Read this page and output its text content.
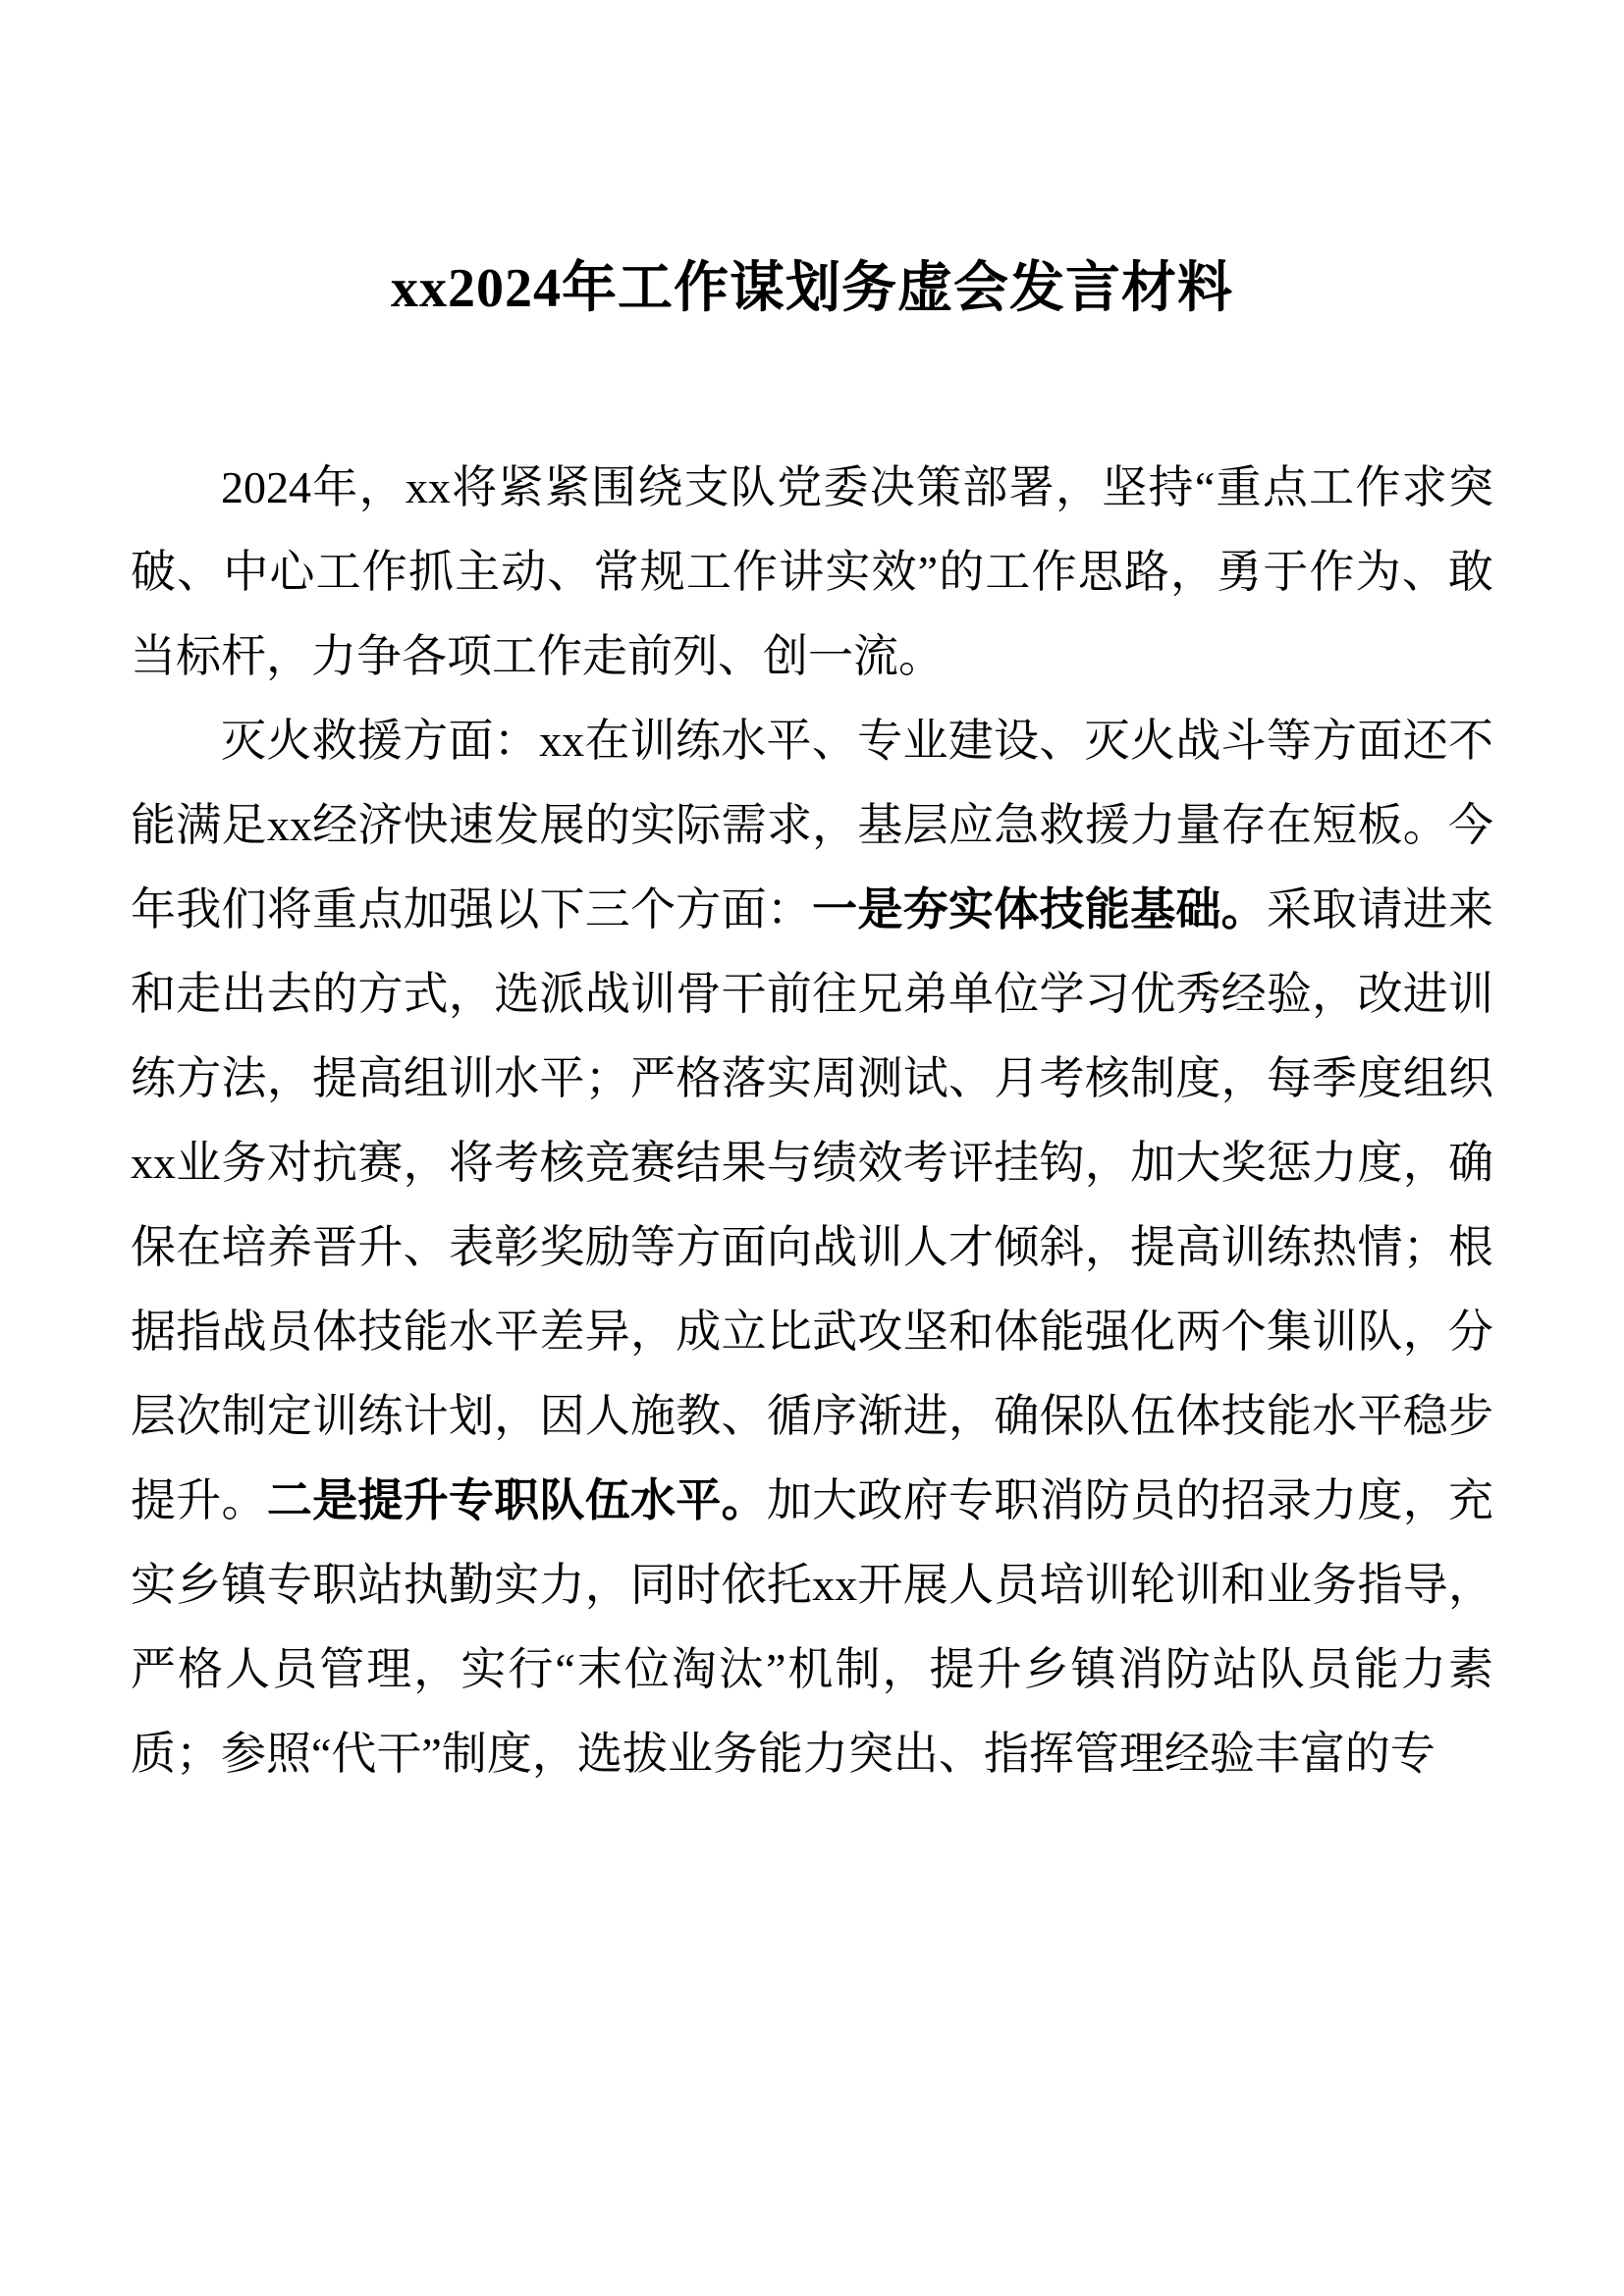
xx2024年工作谋划务虚会发言材料

2024年，xx将紧紧围绕支队党委决策部署，坚持“重点工作求突破、中心工作抓主动、常规工作讲实效”的工作思路，勇于作为、敢当标杆，力争各项工作走前列、创一流。

灭火救援方面：xx在训练水平、专业建设、灭火战斗等方面还不能满足xx经济快速发展的实际需求，基层应急救援力量存在短板。今年我们将重点加强以下三个方面：一是夯实体技能基础。采取请进来和走出去的方式，选派战训骨干前往兄弟单位学习优秀经验，改进训练方法，提高组训水平；严格落实周测试、月考核制度，每季度组织xx业务对抗赛，将考核竞赛结果与绩效考评挂钩，加大奖惩力度，确保在培养晋升、表彰奖励等方面向战训人才倾斜，提高训练热情；根据指战员体技能水平差异，成立比武攻坚和体能强化两个集训队，分层次制定训练计划，因人施教、循序渐进，确保队伍体技能水平稳步提升。二是提升专职队伍水平。加大政府专职消防员的招录力度，充实乡镇专职站执勤实力，同时依托xx开展人员培训轮训和业务指导，严格人员管理，实行“末位淘汰”机制，提升乡镇消防站队员能力素质；参照“代干”制度，选拔业务能力突出、指挥管理经验丰富的专
